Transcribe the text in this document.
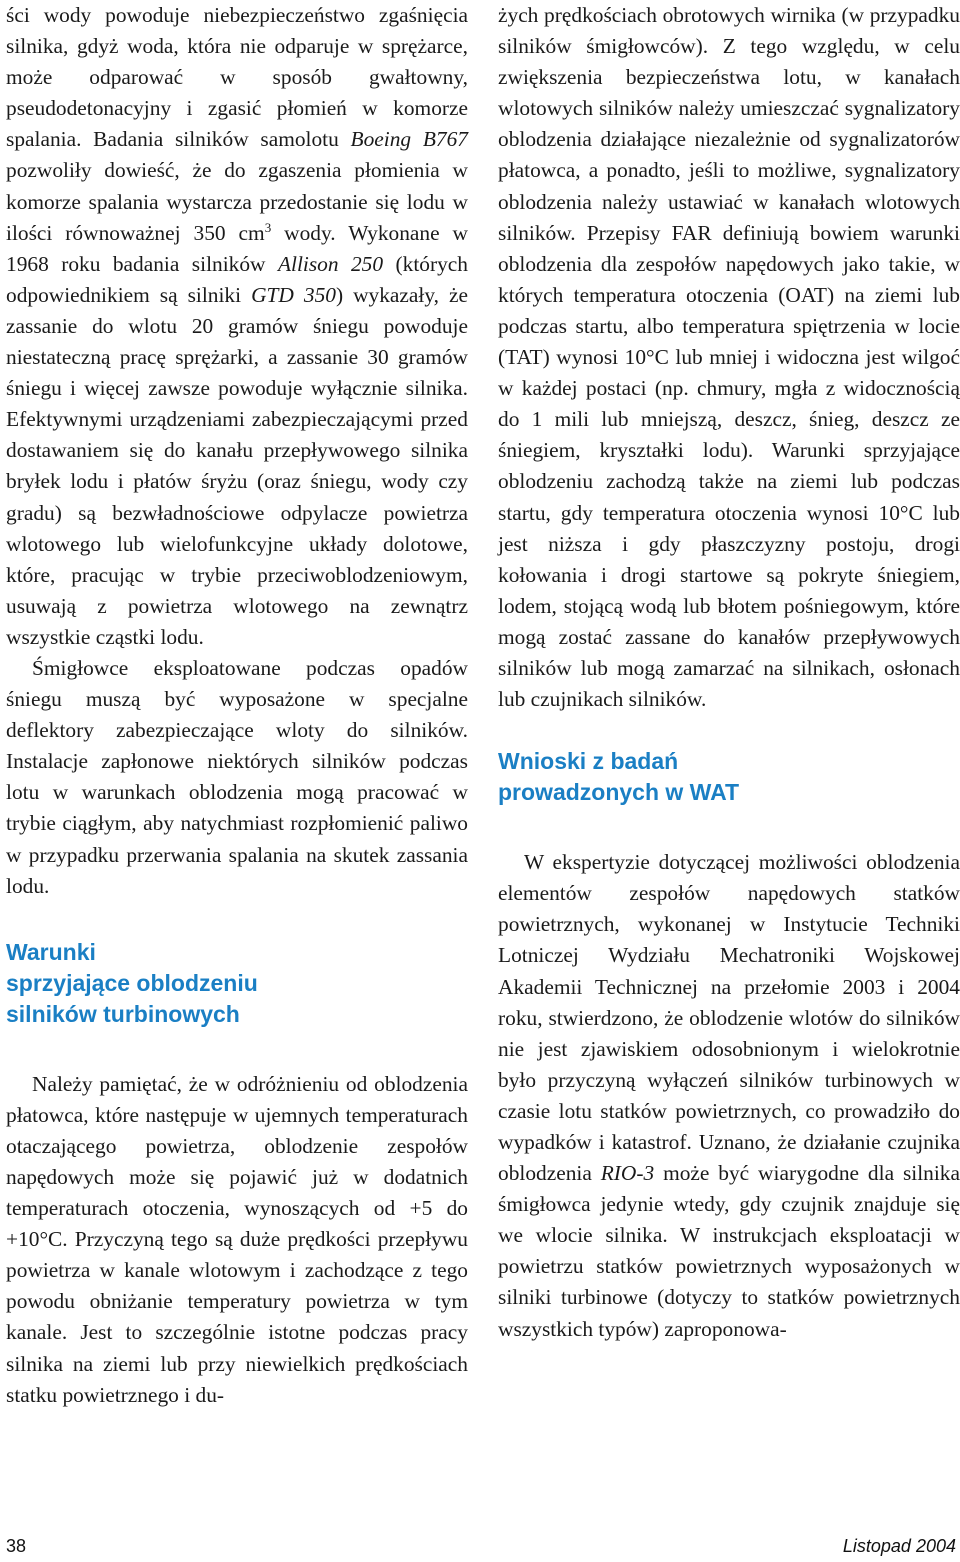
ści wody powoduje niebezpieczeństwo zgaśnięcia silnika, gdyż woda, która nie odparuje w sprężarce, może odparować w sposób gwałtowny, pseudodetonacyjny i zgasić płomień w komorze spalania. Badania silników samolotu Boeing B767 pozwoliły dowieść, że do zgaszenia płomienia w komorze spalania wystarcza przedostanie się lodu w ilości równoważnej 350 $cm^3$ wody. Wykonane w 1968 roku badania silników Allison 250 (których odpowiednikiem są silniki GTD 350) wykazały, że zassanie do wlotu 20 gramów śniegu powoduje niestateczną pracę sprężarki, a zassanie 30 gramów śniegu i więcej zawsze powoduje wyłącznie silnika. Efektywnymi urządzeniami zabezpieczającymi przed dostawaniem się do kanału przepływowego silnika bryłek lodu i płatów śryżu (oraz śniegu, wody czy gradu) są bezwładnościowe odpylacze powietrza wlotowego lub wielofunkcyjne układy dolotowe, które, pracując w trybie przeciwoblodzeniowym, usuwają z powietrza wlotowego na zewnątrz wszystkie cząstki lodu.

Śmigłowce eksploatowane podczas opadów śniegu muszą być wyposażone w specjalne deflektory zabezpieczające wloty do silników. Instalacje zapłonowe niektórych silników podczas lotu w warunkach oblodzenia mogą pracować w trybie ciągłym, aby natychmiast rozpłomienić paliwo w przypadku przerwania spalania na skutek zassania lodu.

Warunki
sprzyjające oblodzeniu
silników turbinowych

Należy pamiętać, że w odróżnieniu od oblodzenia płatowca, które następuje w ujemnych temperaturach otaczającego powietrza, oblodzenie zespołów napędowych może się pojawić już w dodatnich temperaturach otoczenia, wynoszących od +5 do +10°C. Przyczyną tego są duże prędkości przepływu powietrza w kanale wlotowym i zachodzące z tego powodu obniżanie temperatury powietrza w tym kanale. Jest to szczególnie istotne podczas pracy silnika na ziemi lub przy niewielkich prędkościach statku powietrznego i du-

żych prędkościach obrotowych wirnika (w przypadku silników śmigłowców). Z tego względu, w celu zwiększenia bezpieczeństwa lotu, w kanałach wlotowych silników należy umieszczać sygnalizatory oblodzenia działające niezależnie od sygnalizatorów płatowca, a ponadto, jeśli to możliwe, sygnalizatory oblodzenia należy ustawiać w kanałach wlotowych silników. Przepisy FAR definiują bowiem warunki oblodzenia dla zespołów napędowych jako takie, w których temperatura otoczenia (OAT) na ziemi lub podczas startu, albo temperatura spiętrzenia w locie (TAT) wynosi 10°C lub mniej i widoczna jest wilgoć w każdej postaci (np. chmury, mgła z widocznością do 1 mili lub mniejszą, deszcz, śnieg, deszcz ze śniegiem, kryształki lodu). Warunki sprzyjające oblodzeniu zachodzą także na ziemi lub podczas startu, gdy temperatura otoczenia wynosi 10°C lub jest niższa i gdy płaszczyzny postoju, drogi kołowania i drogi startowe są pokryte śniegiem, lodem, stojącą wodą lub błotem pośniegowym, które mogą zostać zassane do kanałów przepływowych silników lub mogą zamarzać na silnikach, osłonach lub czujnikach silników.

Wnioski z badań
prowadzonych w WAT

W ekspertyzie dotyczącej możliwości oblodzenia elementów zespołów napędowych statków powietrznych, wykonanej w Instytucie Techniki Lotniczej Wydziału Mechatroniki Wojskowej Akademii Technicznej na przełomie 2003 i 2004 roku, stwierdzono, że oblodzenie wlotów do silników nie jest zjawiskiem odosobnionym i wielokrotnie było przyczyną wyłączeń silników turbinowych w czasie lotu statków powietrznych, co prowadziło do wypadków i katastrof. Uznano, że działanie czujnika oblodzenia RIO-3 może być wiarygodne dla silnika śmigłowca jedynie wtedy, gdy czujnik znajduje się we wlocie silnika. W instrukcjach eksploatacji w powietrzu statków powietrznych wyposażonych w silniki turbinowe (dotyczy to statków powietrznych wszystkich typów) zaproponowa-

38	Listopad 2004
